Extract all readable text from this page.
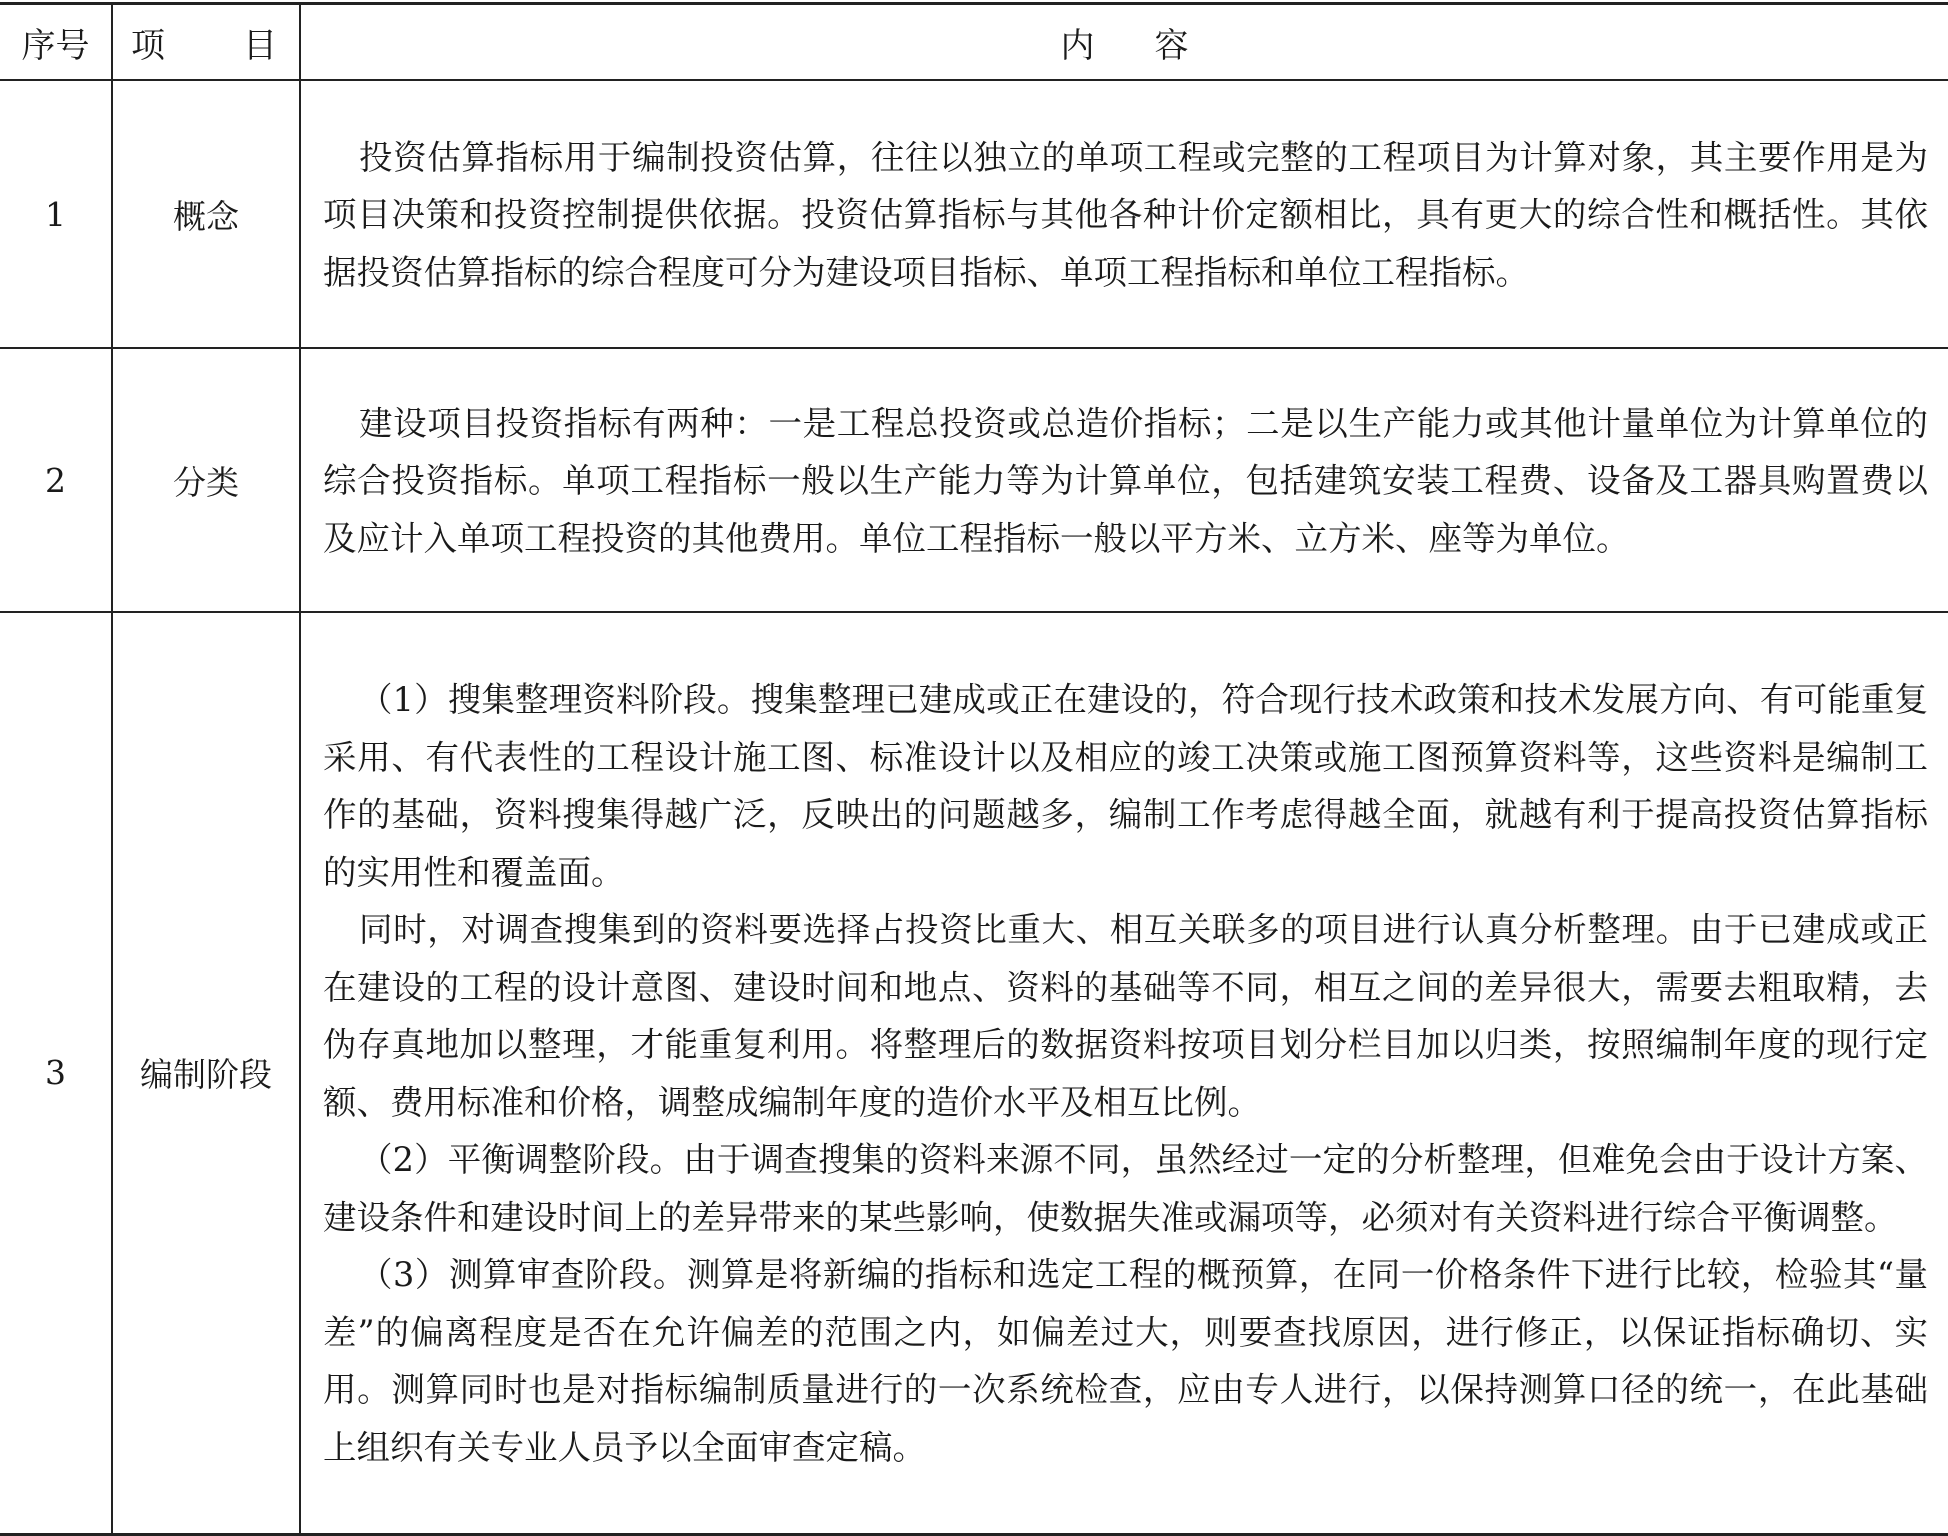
序号	项目	内容
1	概念	投资估算指标用于编制投资估算，往往以独立的单项工程或完整的工程项目为计算对象，其主要作用是为项目决策和投资控制提供依据。投资估算指标与其他各种计价定额相比，具有更大的综合性和概括性。其依据投资估算指标的综合程度可分为建设项目指标、单项工程指标和单位工程指标。

2	分类	建设项目投资指标有两种：一是工程总投资或总造价指标；二是以生产能力或其他计量单位为计算单位的综合投资指标。单项工程指标一般以生产能力等为计算单位，包括建筑安装工程费、设备及工器具购置费以及应计入单项工程投资的其他费用。单位工程指标一般以平方米、立方米、座等为单位。

3	编制阶段	（1）搜集整理资料阶段。搜集整理已建成或正在建设的，符合现行技术政策和技术发展方向、有可能重复采用、有代表性的工程设计施工图、标准设计以及相应的竣工决策或施工图预算资料等，这些资料是编制工作的基础，资料搜集得越广泛，反映出的问题越多，编制工作考虑得越全面，就越有利于提高投资估算指标的实用性和覆盖面。

同时，对调查搜集到的资料要选择占投资比重大、相互关联多的项目进行认真分析整理。由于已建成或正在建设的工程的设计意图、建设时间和地点、资料的基础等不同，相互之间的差异很大，需要去粗取精，去伪存真地加以整理，才能重复利用。将整理后的数据资料按项目划分栏目加以归类，按照编制年度的现行定额、费用标准和价格，调整成编制年度的造价水平及相互比例。

（2）平衡调整阶段。由于调查搜集的资料来源不同，虽然经过一定的分析整理，但难免会由于设计方案、建设条件和建设时间上的差异带来的某些影响，使数据失准或漏项等，必须对有关资料进行综合平衡调整。

（3）测算审查阶段。测算是将新编的指标和选定工程的概预算，在同一价格条件下进行比较，检验其“量差”的偏离程度是否在允许偏差的范围之内，如偏差过大，则要查找原因，进行修正，以保证指标确切、实用。测算同时也是对指标编制质量进行的一次系统检查，应由专人进行，以保持测算口径的统一，在此基础上组织有关专业人员予以全面审查定稿。
